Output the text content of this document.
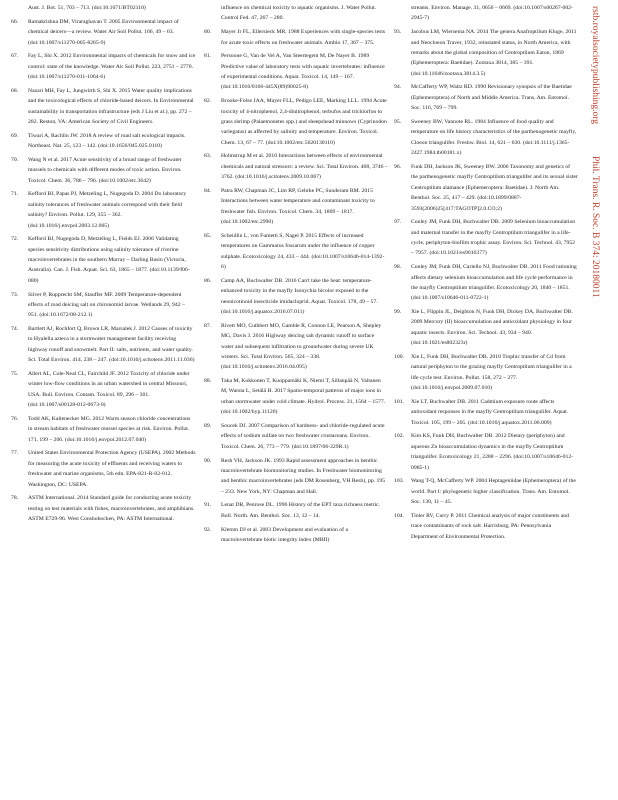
Aust. J. Bot. 51, 703 – 713. (doi:10.1071/BT02110)
66.	Ramakrishna DM, Viraraghavan T. 2005 Environmental impact of chemical deicers—a review. Water Air Soil Pollut. 166, 49 – 63. (doi:10.1007/s11270-005-8265-9)
67.	Fay L, Shi X. 2012 Environmental impacts of chemicals for snow and ice control: state of the knowledge. Water Air Soil Pollut. 223, 2751 – 2770. (doi:10.1007/s11270-011-1064-6)
68.	Nazari MH, Fay L, Jungwirth S, Shi X. 2015 Water quality implications and the toxicological effects of chloride-based deicers. In Environmental sustainability in transportation infrastructure (eds J Liu et al.), pp. 272 – 282. Reston, VA: American Society of Civil Engineers.
69.	Tiwari A, Rachlin JW. 2018 A review of road salt ecological impacts. Northeast. Nat. 25, 123 – 142. (doi:10.1656/045.025.0110)
70.	Wang N et al. 2017 Acute sensitivity of a broad range of freshwater mussels to chemicals with different modes of toxic action. Environ. Toxicol. Chem. 36, 786 – 796. (doi:10.1002/etc.3642)
71.	Kefford BJ, Papas PJ, Metzeling L, Nugegoda D. 2004 Do laboratory salinity tolerances of freshwater animals correspond with their field salinity? Environ. Pollut. 129, 355 – 362. (doi:10.1016/j.envpol.2003.12.005)
72.	Kefford BJ, Nugegoda D, Metzeling L, Fields EJ. 2006 Validating species sensitivity distributions using salinity tolerance of riverine macroinvertebrates in the southern Murray – Darling Basin (Victoria, Australia). Can. J. Fish. Aquat. Sci. 63, 1865 – 1877. (doi:10.1139/f06-080)
73.	Silver P, Rupprecht SM, Stauffer MF. 2009 Temperature-dependent effects of road deicing salt on chironomid larvae. Wetlands 29, 942 – 951. (doi:10.1672/08-212.1)
74.	Bartlett AJ, Rochfort Q, Brown LR, Marsalek J. 2012 Causes of toxicity to Hyalella azteca in a stormwater management facility receiving highway runoff and snowmelt. Part II: salts, nutrients, and water quality. Sci. Total Environ. 414, 238 – 247. (doi:10.1016/j.scitotenv.2011.11.036)
75.	Allert AL, Cole-Neal CL, Fairchild JF. 2012 Toxicity of chloride under winter low-flow conditions in an urban watershed in central Missouri, USA. Bull. Environ. Contam. Toxicol. 89, 296 – 301. (doi:10.1007/s00128-012-0673-0)
76.	Todd AK, Kaltenecker MG. 2012 Warm season chloride concentrations in stream habitats of freshwater mussel species at risk. Environ. Pollut. 171, 199 – 206. (doi:10.1016/j.envpol.2012.07.040)
77.	United States Environmental Protection Agency (USEPA). 2002 Methods for measuring the acute toxicity of effluents and receiving waters to freshwater and marine organisms, 5th edn. EPA-821-R-02-012. Washington, DC: USEPA.
78.	ASTM International. 2014 Standard guide for conducting acute toxicity testing on test materials with fishes, macroinvertebrates, and amphibians. ASTM E729-96. West Conshohocken, PA: ASTM International.
influence on chemical toxicity to aquatic organisms. J. Water Pollut. Control Fed. 47, 267 – 280.
80.	Mayer Jr FL, Ellersieck MR. 1988 Experiences with single-species tests for acute toxic effects on freshwater animals. Ambio 17, 367 – 375.
81.	Persoone G, Van de Vel A, Van Steertegem M, De Nayer B. 1989 Predictive value of laboratory tests with aquatic invertebrates: influence of experimental conditions. Aquat. Toxicol. 14, 149 – 167. (doi:10.1016/0166-445X(89)90025-8)
82.	Brooke-Folse JAA, Mayer FLL, Pedigo LEE, Marking LLL. 1994 Acute toxicity of 4-nitrophenol, 2,4-dinitrophenol, terbufos and trichlorfon to grass shrimp (Palaemonetes spp.) and sheepshead minnows (Cyprinodon variegatus) as affected by salinity and temperature. Environ. Toxicol. Chem. 13, 67 – 77. (doi:10.1002/etc.5620130110)
83.	Holmstrup M et al. 2010 Interactions between effects of environmental chemicals and natural stressors: a review. Sci. Total Environ. 408, 3746 – 3762. (doi:10.1016/j.scitotenv.2009.10.067)
84.	Patra RW, Chapman JC, Lim RP, Gehrke PC, Sunderam RM. 2015 Interactions between water temperature and contaminant toxicity to freshwater fish. Environ. Toxicol. Chem. 34, 1809 – 1817. (doi:10.1002/etc.2990)
85.	Scheidlin L, von Fumetti S, Nagel P. 2015 Effects of increased temperatures on Gammarus fossarum under the influence of copper sulphate. Ecotoxicology 24, 433 – 444. (doi:10.1007/s10646-014-1392-6)
86.	Camp AA, Buchwalter DB. 2016 Can't take the heat: temperature-enhanced toxicity in the mayfly Isonychia bicolor exposed to the neonicotinoid insecticide imidacloprid. Aquat. Toxicol. 178, 49 – 57. (doi:10.1016/j.aquatox.2016.07.011)
87.	Rivett MO, Cuthbert MO, Gamble R, Connon LE, Pearson A, Shepley MG, Davis J. 2016 Highway deicing salt dynamic runoff to surface water and subsequent infiltration to groundwater during severe UK winters. Sci. Total Environ. 565, 324 – 338. (doi:10.1016/j.scitotenv.2016.04.095)
88.	Taka M, Kokkonen T, Kuoppamäki K, Niemi T, Sillanpää N, Valtanen M, Warsta L, Setälä H. 2017 Spatio-temporal patterns of major ions in urban stormwater under cold climate. Hydrol. Process. 31, 1564 – 1577. (doi:10.1002/hyp.11126)
89.	Soucek DJ. 2007 Comparison of hardness- and chloride-regulated acute effects of sodium sulfate on two freshwater crustaceans. Environ. Toxicol. Chem. 26, 773 – 779. (doi:10.1897/06-229R.1)
90.	Resh VH, Jackson JK. 1993 Rapid assessment approaches in benthic macroinvertebrate biomonitoring studies. In Freshwater biomonitoring and benthic macroinvertebrates (eds DM Rosenberg, VH Resh), pp. 195 – 233. New York, NY: Chapman and Hall.
91.	Lenat DR, Penrose DL. 1996 History of the EPT taxa richness metric. Bull. North. Am. Benthol. Soc. 13, 12 – 14.
92.	Klemm DJ et al. 2003 Development and evaluation of a macroinvertebrate biotic integrity index (MBII)
streams. Environ. Manage. 31, 0656 – 0669. (doi:10.1007/s00267-002-2945-7)
93.	Jacobus LM, Wiersema NA. 2014 The genera Anafroptilum Kluge, 2011 and Neocloeon Traver, 1932, reinstated status, in North America, with remarks about the global composition of Centroptilum Eaton, 1869 (Ephemeroptera: Baetidae). Zootaxa 3814, 385 – 391. (doi:10.11646/zootaxa.3814.3.5)
94.	McCafferty WP, Waltz RD. 1990 Revisionary synopsis of the Baetidae (Ephemeroptera) of North and Middle America. Trans. Am. Entomol. Soc. 116, 769 – 799.
95.	Sweeney BW, Vannote RL. 1984 Influence of food quality and temperature on life history characteristics of the parthenogenetic mayfly, Cloeon triangulifer. Freshw. Biol. 14, 621 – 630. (doi:10.1111/j.1365-2427.1984.tb00181.x)
96.	Funk DH, Jackson JK, Sweeney BW. 2006 Taxonomy and genetics of the parthenogenetic mayfly Centroptilum triangulifer and its sexual sister Centroptilum alamance (Ephemeroptera: Baetidae). J. North Am. Benthol. Soc. 25, 417 – 429. (doi:10.1899/0887-3593(2006)25[417:TAGOTP]2.0.CO;2)
97.	Conley JM, Funk DH, Buchwalter DB. 2009 Selenium bioaccumulation and maternal transfer in the mayfly Centroptilum triangulifer in a life-cycle, periphyton-biofilm trophic assay. Environ. Sci. Technol. 43, 7952 – 7957. (doi:10.1021/es9016377)
98.	Conley JM, Funk DH, Cariello NJ, Buchwalter DB. 2011 Food rationing affects dietary selenium bioaccumulation and life cycle performance in the mayfly Centroptilum triangulifer. Ecotoxicology 20, 1840 – 1851. (doi:10.1007/s10646-011-0722-1)
99.	Xie L, Flippin JL, Deighton N, Funk DH, Dickey DA, Buchwalter DB. 2009 Mercury (II) bioaccumulation and antioxidant physiology in four aquatic insects. Environ. Sci. Technol. 43, 934 – 940. (doi:10.1021/es802323r)
100.	Xie L, Funk DH, Buchwalter DB. 2010 Trophic transfer of Cd from natural periphyton to the grazing mayfly Centroptilum triangulifer in a life cycle test. Environ. Pollut. 158, 272 – 277. (doi:10.1016/j.envpol.2009.07.010)
101.	Xie LT, Buchwalter DB. 2011 Cadmium exposure route affects antioxidant responses in the mayfly Centroptilum triangulifer. Aquat. Toxicol. 105, 199 – 205. (doi:10.1016/j.aquatox.2011.06.009)
102.	Kim KS, Funk DH, Buchwalter DB. 2012 Dietary (periphyton) and aqueous Zn bioaccumulation dynamics in the mayfly Centroptilum triangulifer. Ecotoxicology 21, 2288 – 2296. (doi:10.1007/s10646-012-0985-1)
103.	Wang T-Q, McCafferty WP. 2004 Heptageniidae (Ephemeroptera) of the world. Part I: phylogenetic higher classification. Trans. Am. Entomol. Soc. 130, 11 – 45.
104.	Tinler RV, Curry P. 2011 Chemical analysis of major constituents and trace contaminants of rock salt. Harrisburg, PA: Pennsylvania Department of Environmental Protection.
rstb.royalsocietypublishing.org
Phil. Trans. R. Soc. B 374: 20180011
